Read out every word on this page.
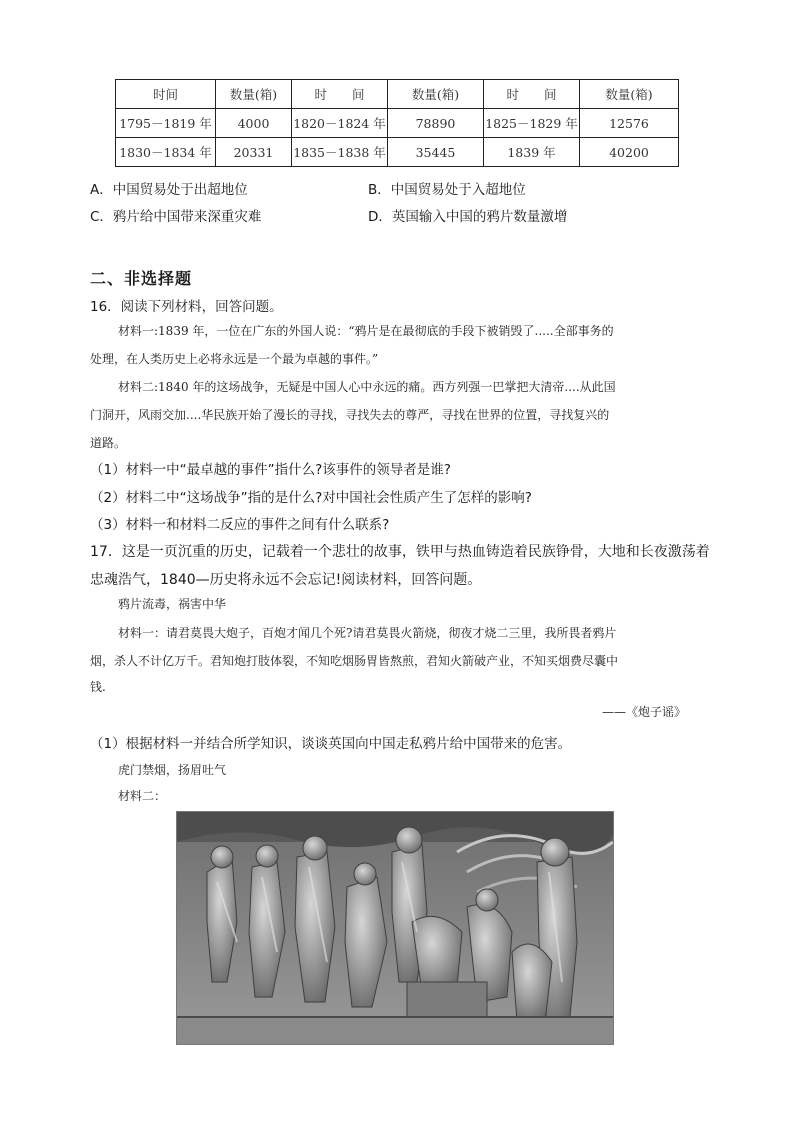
时间	数量(箱)	时　　间	数量(箱)	时　　间	数量(箱)
1795－1819 年	4000	1820－1824 年	78890	1825－1829 年	12576
1830－1834 年	20331	1835－1838 年	35445	1839 年	40200
A．中国贸易处于出超地位	B．中国贸易处于入超地位
C．鸦片给中国带来深重灾难	D．英国输入中国的鸦片数量激增
二、非选择题
16．阅读下列材料，回答问题。
材料一:1839 年，一位在广东的外国人说：“鸦片是在最彻底的手段下被销毁了.....全部事务的
处理，在人类历史上必将永远是一个最为卓越的事件。”
材料二:1840 年的这场战争，无疑是中国人心中永远的痛。西方列强一巴掌把大清帝....从此国
门洞开，风雨交加....华民族开始了漫长的寻找，寻找失去的尊严，寻找在世界的位置，寻找复兴的
道路。
（1）材料一中“最卓越的事件”指什么?该事件的领导者是谁?
（2）材料二中“这场战争”指的是什么?对中国社会性质产生了怎样的影响?
（3）材料一和材料二反应的事件之间有什么联系?
17．这是一页沉重的历史，记载着一个悲壮的故事，铁甲与热血铸造着民族铮骨，大地和长夜激荡着
忠魂浩气，1840—历史将永远不会忘记!阅读材料，回答问题。
鸦片流毒，祸害中华
材料一：请君莫畏大炮子，百炮才闻几个死?请君莫畏火箭烧，彻夜才烧二三里，我所畏者鸦片
烟，杀人不计亿万千。君知炮打肢体裂，不知吃烟肠胃皆熬煎，君知火箭破产业，不知买烟费尽囊中
钱.
——《炮子谣》
（1）根据材料一并结合所学知识，谈谈英国向中国走私鸦片给中国带来的危害。
虎门禁烟，扬眉吐气
材料二：
